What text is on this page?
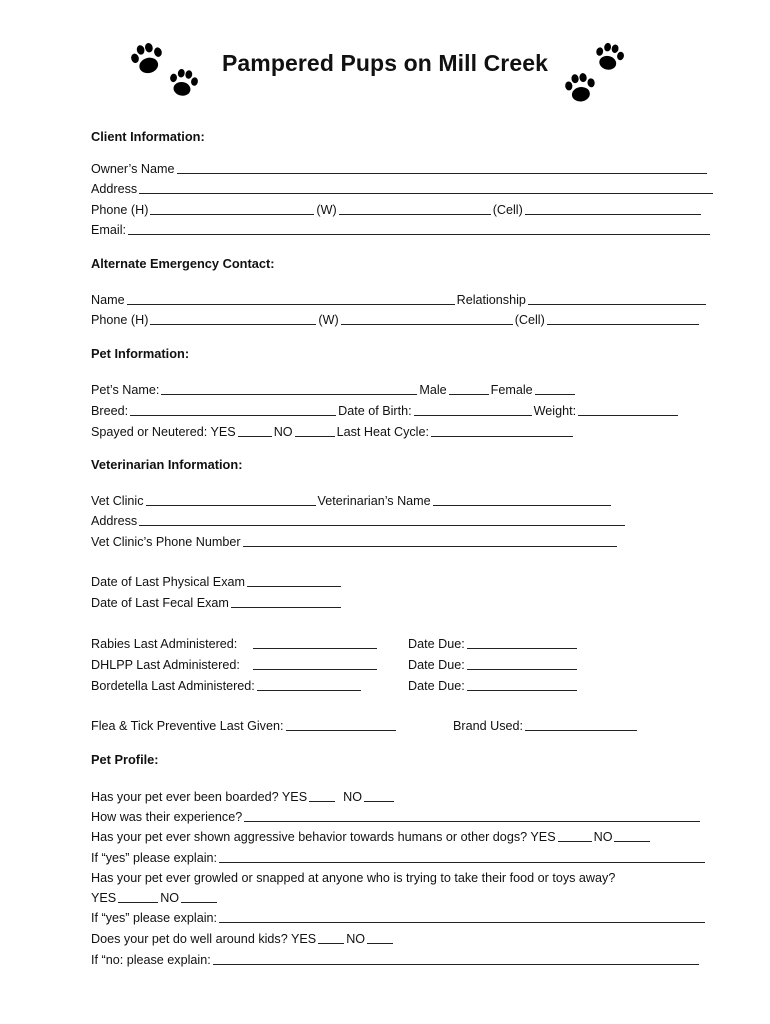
Pampered Pups on Mill Creek
Client Information:
Owner’s Name
Address
Phone (H)	(W)	(Cell)
Email:
Alternate Emergency Contact:
Name	Relationship
Phone (H)	(W)	(Cell)
Pet Information:
Pet’s Name:	Male	Female
Breed:	Date of Birth:	Weight:
Spayed or Neutered: YES	NO	Last Heat Cycle:
Veterinarian Information:
Vet Clinic	Veterinarian’s Name
Address
Vet Clinic’s Phone Number
Date of Last Physical Exam
Date of Last Fecal Exam
Rabies Last Administered:	Date Due:
DHLPP Last Administered:	Date Due:
Bordetella Last Administered:	Date Due:
Flea & Tick Preventive Last Given:	Brand Used:
Pet Profile:
Has your pet ever been boarded? YES	NO
How was their experience?
Has your pet ever shown aggressive behavior towards humans or other dogs? YES	NO
If “yes” please explain:
Has your pet ever growled or snapped at anyone who is trying to take their food or toys away?
YES	NO
If “yes” please explain:
Does your pet do well around kids? YES NO
If “no: please explain:
